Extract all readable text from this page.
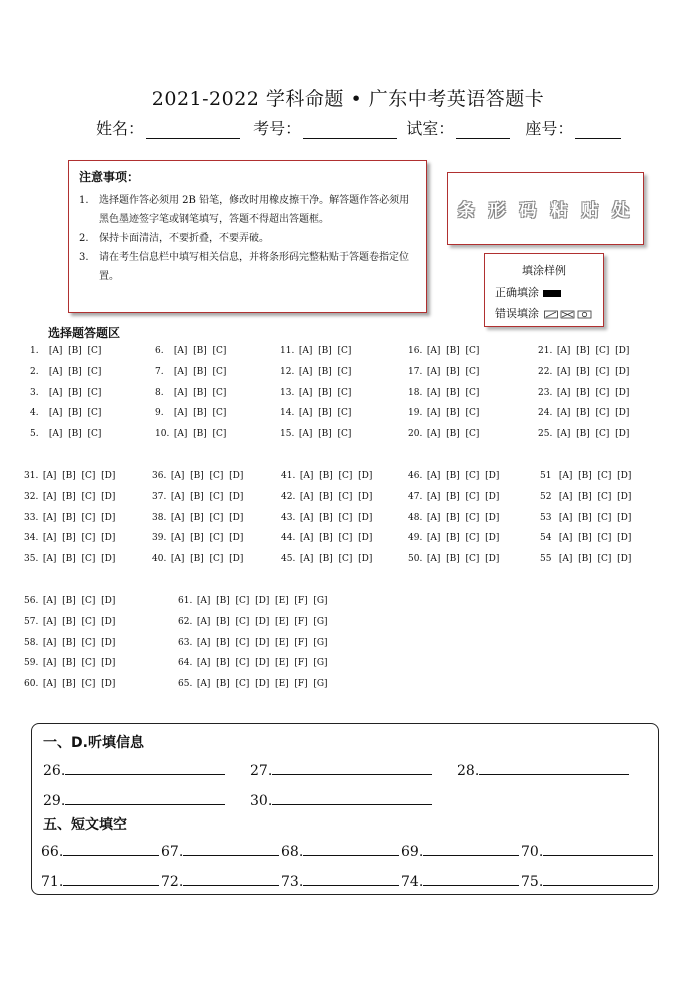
2021-2022 学科命题 • 广东中考英语答题卡
姓名：	考号：	试室：	座号：
注意事项：
1. 选择题作答必须用 2B 铅笔，修改时用橡皮擦干净。解答题作答必须用黑色墨迹签字笔或钢笔填写，答题不得超出答题框。
2. 保持卡面清洁，不要折叠，不要弄破。
3. 请在考生信息栏中填写相关信息，并将条形码完整粘贴于答题卷指定位置。
条 形 码 粘 贴 处
填涂样例
正确填涂
错误填涂
选择题答题区
1. [A]  [B]  [C]
2. [A]  [B]  [C]
3. [A]  [B]  [C]
4. [A]  [B]  [C]
5. [A]  [B]  [C]
6. [A]  [B]  [C]
7. [A]  [B]  [C]
8. [A]  [B]  [C]
9. [A]  [B]  [C]
10. [A]  [B]  [C]
11. [A]  [B]  [C]
12. [A]  [B]  [C]
13. [A]  [B]  [C]
14. [A]  [B]  [C]
15. [A]  [B]  [C]
16. [A]  [B]  [C]
17. [A]  [B]  [C]
18. [A]  [B]  [C]
19. [A]  [B]  [C]
20. [A]  [B]  [C]
21. [A]  [B]  [C]  [D]
22. [A]  [B]  [C]  [D]
23. [A]  [B]  [C]  [D]
24. [A]  [B]  [C]  [D]
25. [A]  [B]  [C]  [D]
31. [A]  [B]  [C]  [D]
32. [A]  [B]  [C]  [D]
33. [A]  [B]  [C]  [D]
34. [A]  [B]  [C]  [D]
35. [A]  [B]  [C]  [D]
36. [A]  [B]  [C]  [D]
37. [A]  [B]  [C]  [D]
38. [A]  [B]  [C]  [D]
39. [A]  [B]  [C]  [D]
40. [A]  [B]  [C]  [D]
41. [A]  [B]  [C]  [D]
42. [A]  [B]  [C]  [D]
43. [A]  [B]  [C]  [D]
44. [A]  [B]  [C]  [D]
45. [A]  [B]  [C]  [D]
46. [A]  [B]  [C]  [D]
47. [A]  [B]  [C]  [D]
48. [A]  [B]  [C]  [D]
49. [A]  [B]  [C]  [D]
50. [A]  [B]  [C]  [D]
51 [A]  [B]  [C]  [D]
52 [A]  [B]  [C]  [D]
53 [A]  [B]  [C]  [D]
54 [A]  [B]  [C]  [D]
55 [A]  [B]  [C]  [D]
56. [A]  [B]  [C]  [D]
57. [A]  [B]  [C]  [D]
58. [A]  [B]  [C]  [D]
59. [A]  [B]  [C]  [D]
60. [A]  [B]  [C]  [D]
61. [A]  [B]  [C]  [D]  [E]  [F]  [G]
62. [A]  [B]  [C]  [D]  [E]  [F]  [G]
63. [A]  [B]  [C]  [D]  [E]  [F]  [G]
64. [A]  [B]  [C]  [D]  [E]  [F]  [G]
65. [A]  [B]  [C]  [D]  [E]  [F]  [G]
一、D.听填信息
26.	27.	28.
29.	30.
五、短文填空
66.	67.	68.	69.	70.
71.	72.	73.	74.	75.
